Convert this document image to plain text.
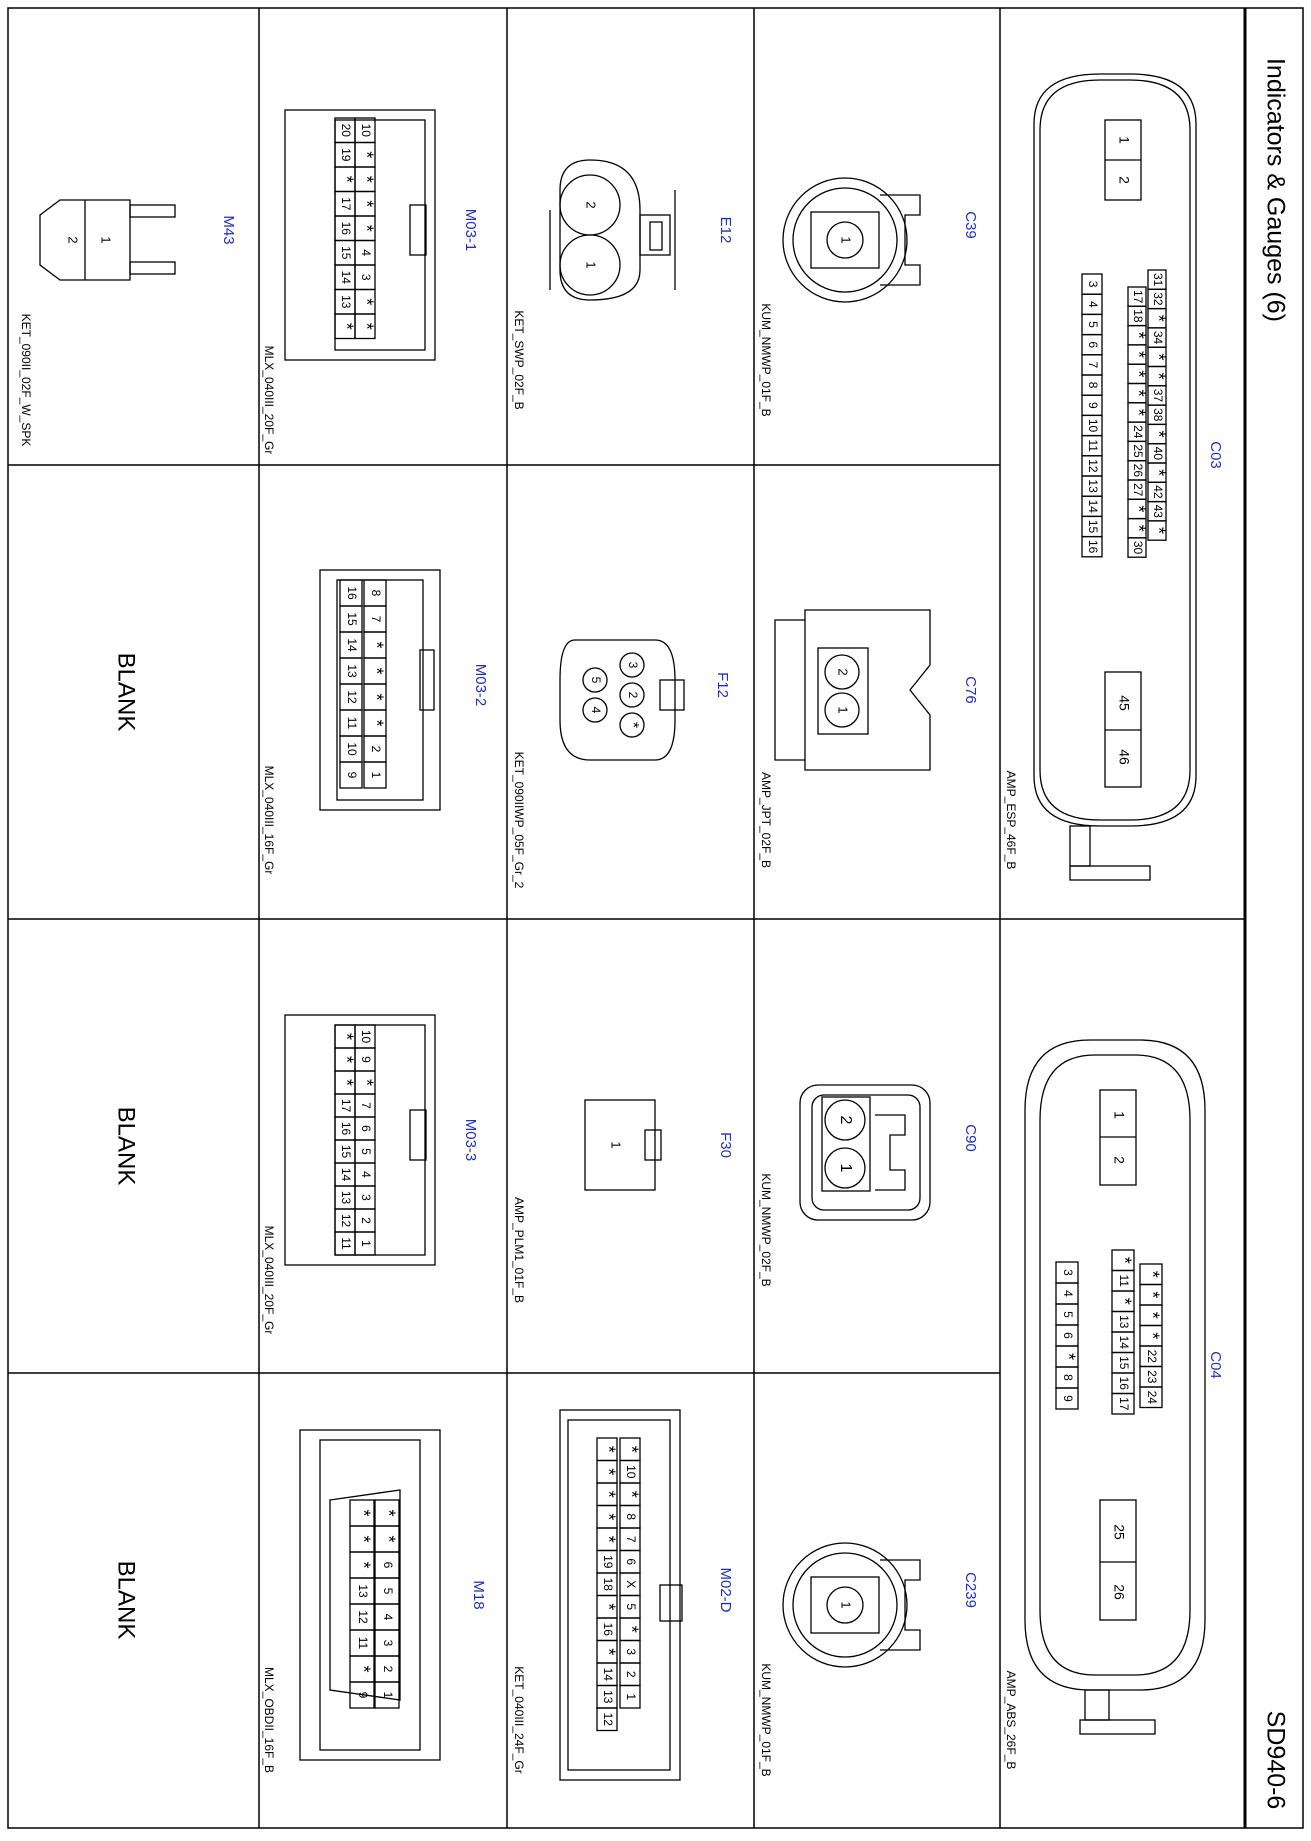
Indicators & Gauges (6)
SD940-6
C03
AMP_ESP_46F_B
1
2
31
32
*
34
*
*
37
38
*
40
*
42
43
*
17
18
*
*
*
*
*
24
25
26
27
*
*
30
3
4
5
6
7
8
9
10
11
12
13
14
15
16
45
46
C04
AMP_ABS_26F_B
1
2
*
*
*
*
22
23
24
*
11
*
13
14
15
16
17
3
4
5
6
*
8
9
25
26
C39
KUM_NMWP_01F_B
1
C239
KUM_NMWP_01F_B
1
C76
AMP_JPT_02F_B
2
1
C90
KUM_NMWP_02F_B
2
1
E12
KET_SWP_02F_B
2
1
F12
KET_090IIWP_05F_Gr_2
3
2
*
5
4
F30
AMP_PLM1_01F_B
1
M02-D
KET_040III_24F_Gr
*
10
*
8
7
6
X
5
*
3
2
1
*
*
*
*
*
19
18
*
16
*
14
13
12
M03-1
MLX_040III_20F_Gr
10
*
*
*
*
4
3
*
*
20
19
*
17
16
15
14
13
*
M03-2
MLX_040III_16F_Gr
8
7
*
*
*
*
2
1
16
15
14
13
12
11
10
9
M03-3
MLX_040III_20F_Gr
10
9
*
7
6
5
4
3
2
1
*
*
*
17
16
15
14
13
12
11
M18
MLX_OBDII_16F_B
*
*
6
5
4
3
2
1
*
*
*
13
12
11
*
9
M43
KET_090II_02F_W_SPK
1
2
BLANK
BLANK
BLANK
